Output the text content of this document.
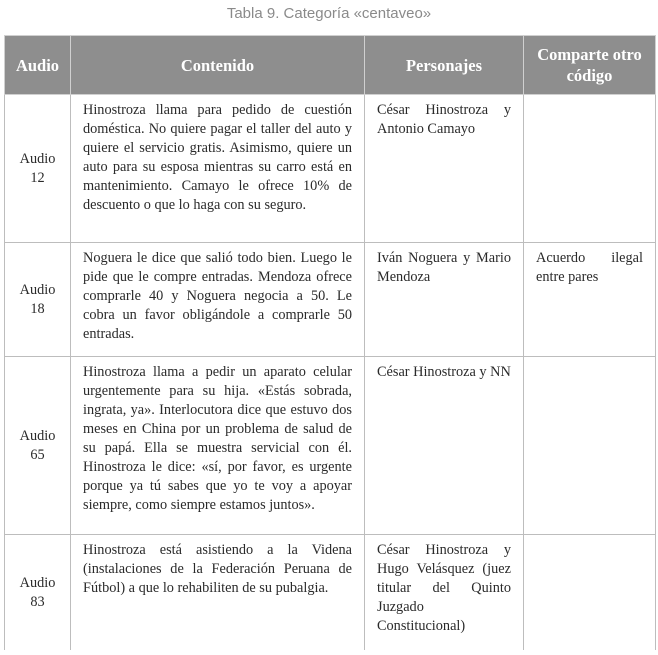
Tabla 9. Categoría «centaveo»
Audio	Contenido	Personajes	Comparte otro código

Audio
12	Hinostroza llama para pedido de cuestión doméstica. No quiere pagar el taller del auto y quiere el servicio gratis. Asimismo, quiere un auto para su esposa mientras su carro está en mantenimiento. Camayo le ofrece 10% de descuento o que lo haga con su seguro.	César Hinostroza y Antonio Camayo	

Audio
18	Noguera le dice que salió todo bien. Luego le pide que le compre entradas. Mendoza ofrece comprarle 40 y Noguera negocia a 50. Le cobra un favor obligándole a comprarle 50 entradas.	Iván Noguera y Mario Mendoza	Acuerdo ilegal entre pares

Audio
65	Hinostroza llama a pedir un aparato celular urgentemente para su hija. «Estás sobrada, ingrata, ya». Interlocutora dice que estuvo dos meses en China por un problema de salud de su papá. Ella se muestra servicial con él. Hinostroza le dice: «sí, por favor, es urgente porque ya tú sabes que yo te voy a apoyar siempre, como siempre estamos juntos».	César Hinostroza y NN	

Audio
83	Hinostroza está asistiendo a la Videna (instalaciones de la Federación Peruana de Fútbol) a que lo rehabiliten de su pubalgia.	César Hinostroza y Hugo Velásquez (juez titular del Quinto Juzgado Constitucional)	
